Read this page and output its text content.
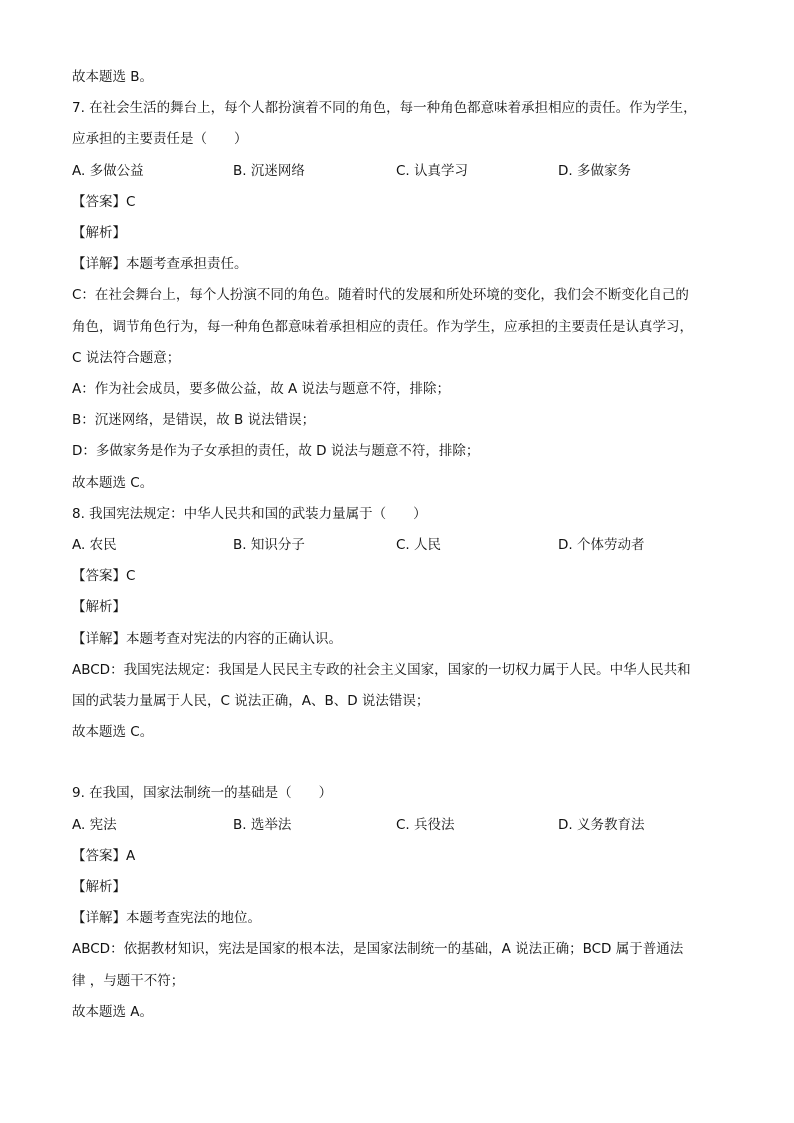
故本题选 B。
7. 在社会生活的舞台上，每个人都扮演着不同的角色，每一种角色都意味着承担相应的责任。作为学生，
应承担的主要责任是（　　）
A. 多做公益	B. 沉迷网络	C. 认真学习	D. 多做家务
【答案】C
【解析】
【详解】本题考查承担责任。
C：在社会舞台上，每个人扮演不同的角色。随着时代的发展和所处环境的变化，我们会不断变化自己的
角色，调节角色行为，每一种角色都意味着承担相应的责任。作为学生，应承担的主要责任是认真学习，
C 说法符合题意；
A：作为社会成员，要多做公益，故 A 说法与题意不符，排除；
B：沉迷网络，是错误，故 B 说法错误；
D：多做家务是作为子女承担的责任，故 D 说法与题意不符，排除；
故本题选 C。
8. 我国宪法规定：中华人民共和国的武装力量属于（　　）
A. 农民	B. 知识分子	C. 人民	D. 个体劳动者
【答案】C
【解析】
【详解】本题考查对宪法的内容的正确认识。
ABCD：我国宪法规定：我国是人民民主专政的社会主义国家，国家的一切权力属于人民。中华人民共和
国的武装力量属于人民，C 说法正确，A、B、D 说法错误；
故本题选 C。
9. 在我国，国家法制统一的基础是（　　）
A. 宪法	B. 选举法	C. 兵役法	D. 义务教育法
【答案】A
【解析】
【详解】本题考查宪法的地位。
ABCD：依据教材知识，宪法是国家的根本法，是国家法制统一的基础，A 说法正确；BCD 属于普通法
律 ，与题干不符；
故本题选 A。
